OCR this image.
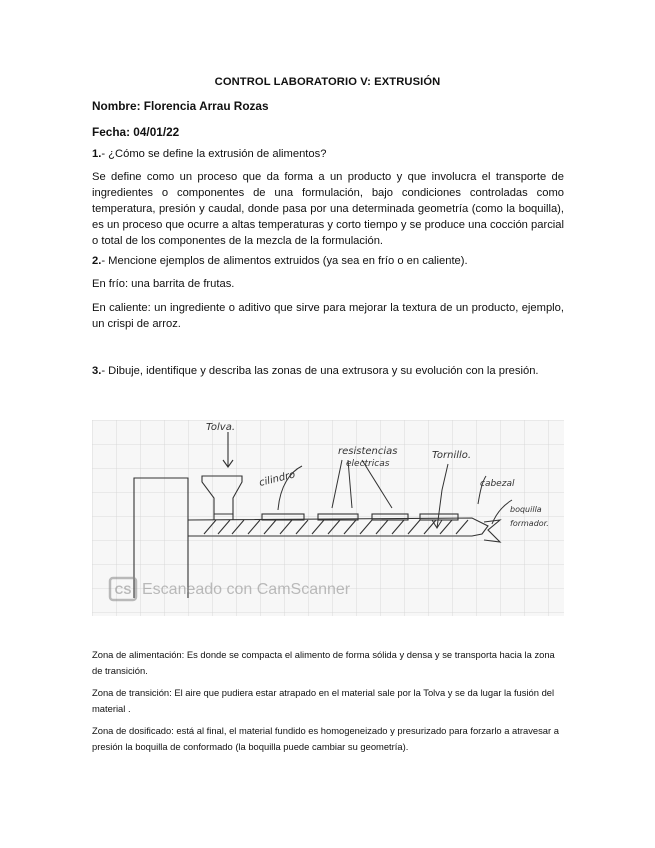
CONTROL LABORATORIO V: EXTRUSIÓN
Nombre: Florencia Arrau Rozas
Fecha: 04/01/22
1.- ¿Cómo se define la extrusión de alimentos?
Se define como un proceso que da forma a un producto y que involucra el transporte de ingredientes o componentes de una formulación, bajo condiciones controladas como temperatura, presión y caudal, donde pasa por una determinada geometría (como la boquilla), es un proceso que ocurre a altas temperaturas y corto tiempo y se produce una cocción parcial o total de los componentes de la mezcla de la formulación.
2.- Mencione ejemplos de alimentos extruidos (ya sea en frío o en caliente).
En frío: una barrita de frutas.
En caliente: un ingrediente o aditivo que sirve para mejorar la textura de un producto, ejemplo, un crispi de arroz.
3.- Dibuje, identifique y describa las zonas de una extrusora y su evolución con la presión.
Tolva.
cilindro
resistencias
electricas
Tornillo.
cabezal
boquilla
formador.
CS Escaneado con CamScanner
Zona de alimentación: Es donde se compacta el alimento de forma sólida y densa y se transporta hacia la zona de transición.
Zona de transición: El aire que pudiera estar atrapado en el material sale por la Tolva y se da lugar la fusión del material .
Zona de dosificado: está al final, el material fundido es homogeneizado y presurizado para forzarlo a atravesar a presión la boquilla de conformado (la boquilla puede cambiar su geometría).
